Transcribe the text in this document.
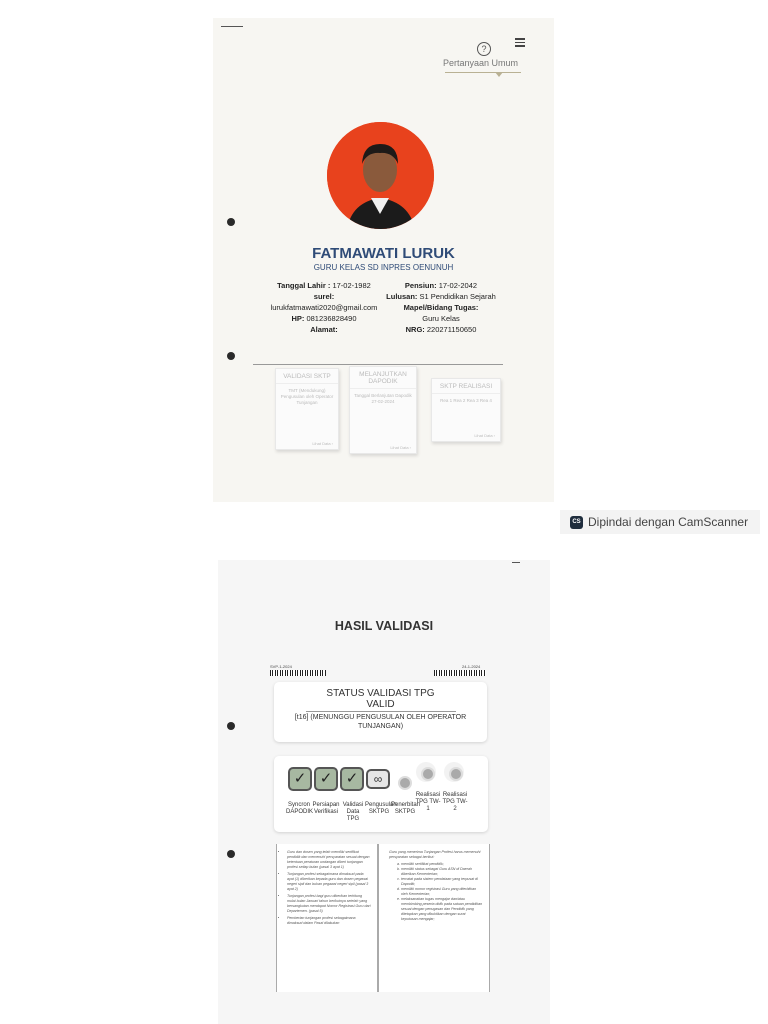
?
Pertanyaan Umum
FATMAWATI LURUK
GURU KELAS SD INPRES OENUNUH
Tanggal Lahir : 17-02-1982
surel:
lurukfatmawati2020@gmail.com
HP: 081236828490
Alamat:
Pensiun: 17-02-2042
Lulusan: S1 Pendidikan Sejarah
Mapel/Bidang Tugas:
Guru Kelas
NRG: 220271150650
VALIDASI SKTP
TMT (Mendukung) Pengusulan oleh Operator Tunjangan
Lihat Data ›
MELANJUTKAN DAPODIK
Tanggal Berlanjutan Dapodik 27-02-2024
Lihat Data ›
SKTP REALISASI
Rea 1 Rea 2 Rea 3 Rea 4
Lihat Data ›
CS Dipindai dengan CamScanner
HASIL VALIDASI
SVP-1-2024	24-1-2024
STATUS VALIDASI TPG
VALID
[t16] (MENUNGGU PENGUSULAN OLEH OPERATOR TUNJANGAN)
✓ ✓ ✓	∞
Syncron DAPODIK
Persiapan Verifikasi
Validasi Data TPG
Pengusulan SKTPG
Penerbitan SKTPG
Realisasi TPG TW-1
Realisasi TPG TW-2
• Guru dan dosen yang telah memiliki sertifikat pendidik dan memenuhi persyaratan sesuai dengan ketentuan peraturan undangan diberi tunjangan profesi setiap bulan (pasal 3 ayat 1)
• Tunjangan profesi sebagaimana dimaksud pada ayat (1) diberikan kepada guru dan dosen pegawai negeri sipil dan bukan pegawai negeri sipil (pasal 3 ayat 2)
• Tunjangan profesi bagi guru diberikan terhitung mulai bulan Januari tahun berikutnya setelah yang bersangkutan mendapat Nomor Registrasi Guru dari Departemen. (pasal 5)
• Pemberian tunjangan profesi sebagaimana dimaksud dalam Pasal dilakukan
Guru yang menerima Tunjangan Profesi harus memenuhi persyaratan sebagai berikut:
a. memiliki sertifikat pendidik;
b. memiliki status sebagai Guru ASN di Daerah diberikan Kementerian;
c. tercatat pada sistem pendataan yang terpusat di Dapodik;
d. memiliki nomor registrasi Guru yang diterbitkan oleh Kementerian;
e. melaksanakan tugas mengajar dan/atau membimbing peserta didik pada satuan pendidikan sesuai dengan penugasan dan Pendidik yang ditetapkan yang dibuktikan dengan surat keputusan mengajar;
